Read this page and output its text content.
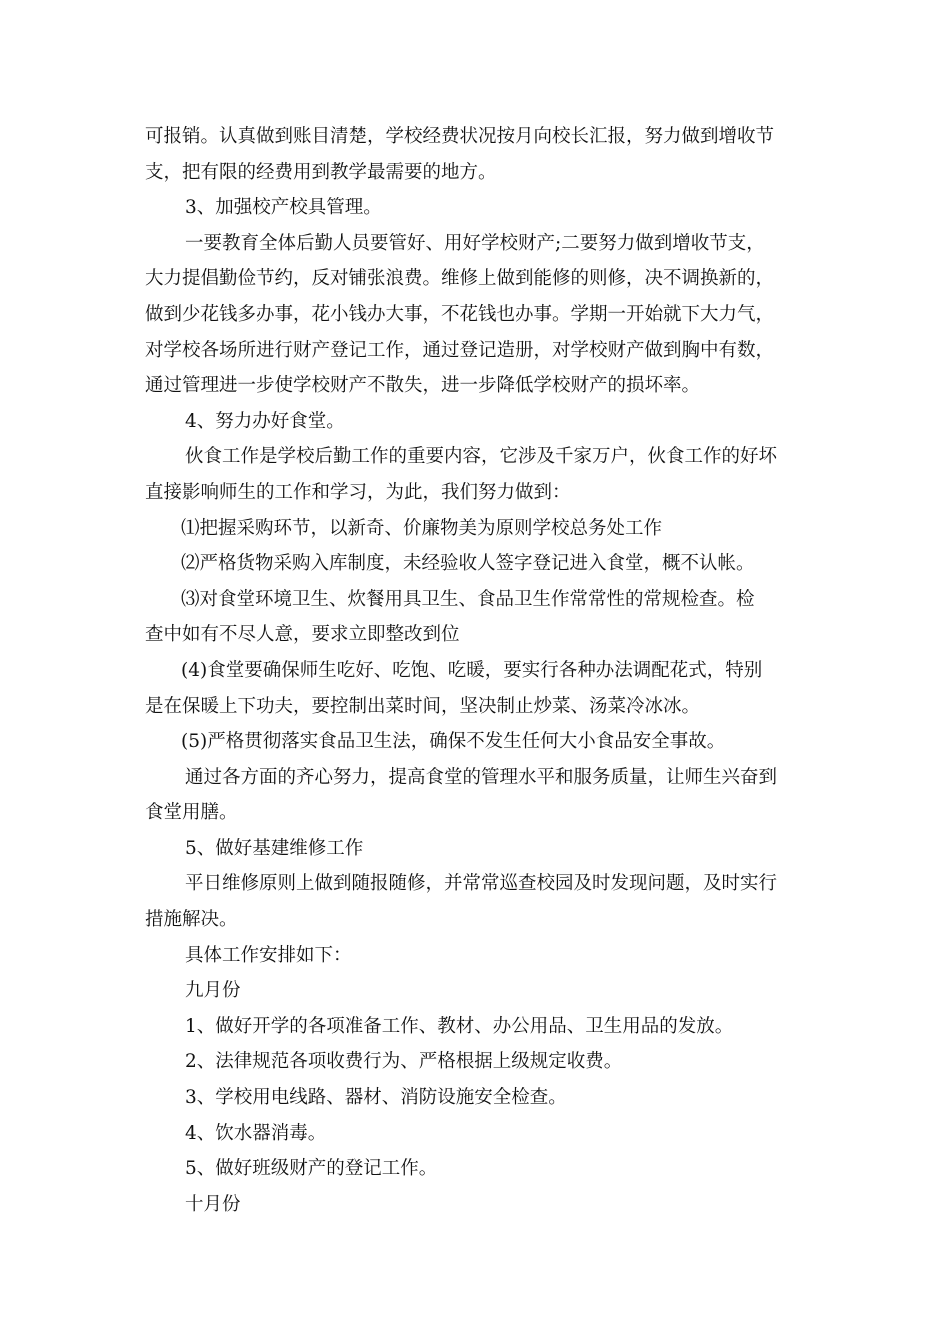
可报销。认真做到账目清楚，学校经费状况按月向校长汇报，努力做到增收节

支，把有限的经费用到教学最需要的地方。

3、加强校产校具管理。

一要教育全体后勤人员要管好、用好学校财产;二要努力做到增收节支，

大力提倡勤俭节约，反对铺张浪费。维修上做到能修的则修，决不调换新的，

做到少花钱多办事，花小钱办大事，不花钱也办事。学期一开始就下大力气，

对学校各场所进行财产登记工作，通过登记造册，对学校财产做到胸中有数，

通过管理进一步使学校财产不散失，进一步降低学校财产的损坏率。

4、努力办好食堂。

伙食工作是学校后勤工作的重要内容，它涉及千家万户，伙食工作的好坏

直接影响师生的工作和学习，为此，我们努力做到：

⑴把握采购环节，以新奇、价廉物美为原则学校总务处工作

⑵严格货物采购入库制度，未经验收人签字登记进入食堂，概不认帐。

⑶对食堂环境卫生、炊餐用具卫生、食品卫生作常常性的常规检查。检

查中如有不尽人意，要求立即整改到位

(4)食堂要确保师生吃好、吃饱、吃暖，要实行各种办法调配花式，特别

是在保暖上下功夫，要控制出菜时间，坚决制止炒菜、汤菜冷冰冰。

(5)严格贯彻落实食品卫生法，确保不发生任何大小食品安全事故。

通过各方面的齐心努力，提高食堂的管理水平和服务质量，让师生兴奋到

食堂用膳。

5、做好基建维修工作

平日维修原则上做到随报随修，并常常巡查校园及时发现问题，及时实行

措施解决。

具体工作安排如下：

九月份

1、做好开学的各项准备工作、教材、办公用品、卫生用品的发放。

2、法律规范各项收费行为、严格根据上级规定收费。

3、学校用电线路、器材、消防设施安全检查。

4、饮水器消毒。

5、做好班级财产的登记工作。

十月份
